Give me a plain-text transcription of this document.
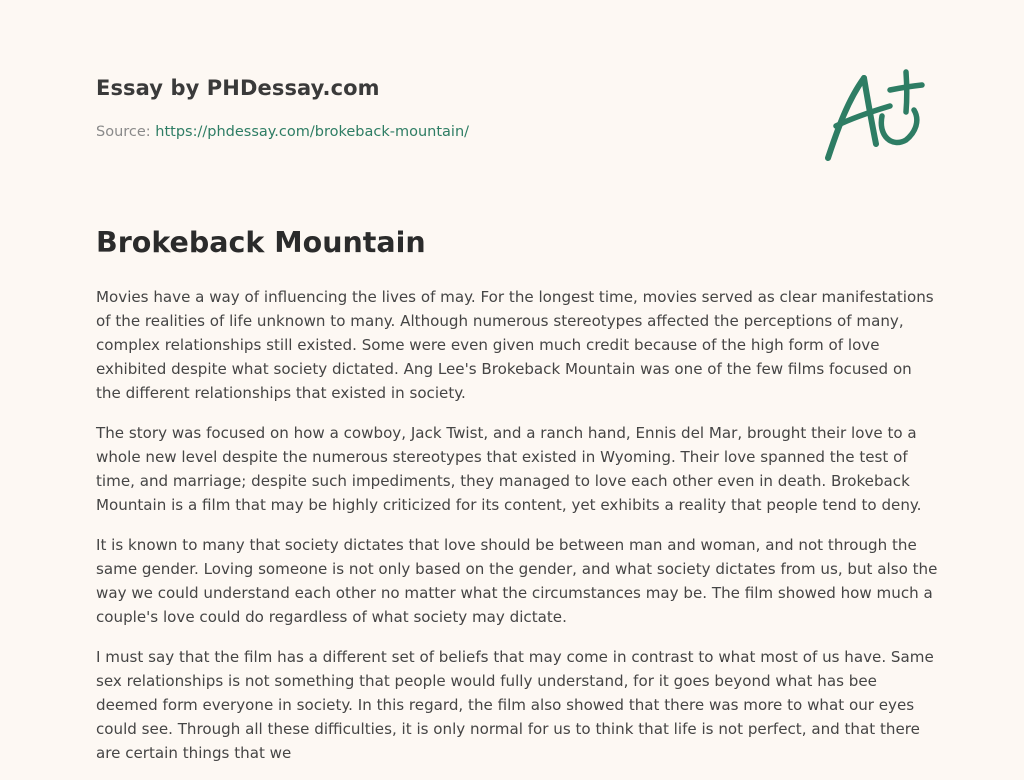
Essay by PHDessay.com
Source: https://phdessay.com/brokeback-mountain/
Brokeback Mountain

Movies have a way of influencing the lives of may. For the longest time, movies served as clear manifestations of the realities of life unknown to many. Although numerous stereotypes affected the perceptions of many, complex relationships still existed. Some were even given much credit because of the high form of love exhibited despite what society dictated. Ang Lee's Brokeback Mountain was one of the few films focused on the different relationships that existed in society.

The story was focused on how a cowboy, Jack Twist, and a ranch hand, Ennis del Mar, brought their love to a whole new level despite the numerous stereotypes that existed in Wyoming. Their love spanned the test of time, and marriage; despite such impediments, they managed to love each other even in death. Brokeback Mountain is a film that may be highly criticized for its content, yet exhibits a reality that people tend to deny.

It is known to many that society dictates that love should be between man and woman, and not through the same gender. Loving someone is not only based on the gender, and what society dictates from us, but also the way we could understand each other no matter what the circumstances may be. The film showed how much a couple's love could do regardless of what society may dictate.

I must say that the film has a different set of beliefs that may come in contrast to what most of us have. Same sex relationships is not something that people would fully understand, for it goes beyond what has bee deemed form everyone in society. In this regard, the film also showed that there was more to what our eyes could see. Through all these difficulties, it is only normal for us to think that life is not perfect, and that there are certain things that we
